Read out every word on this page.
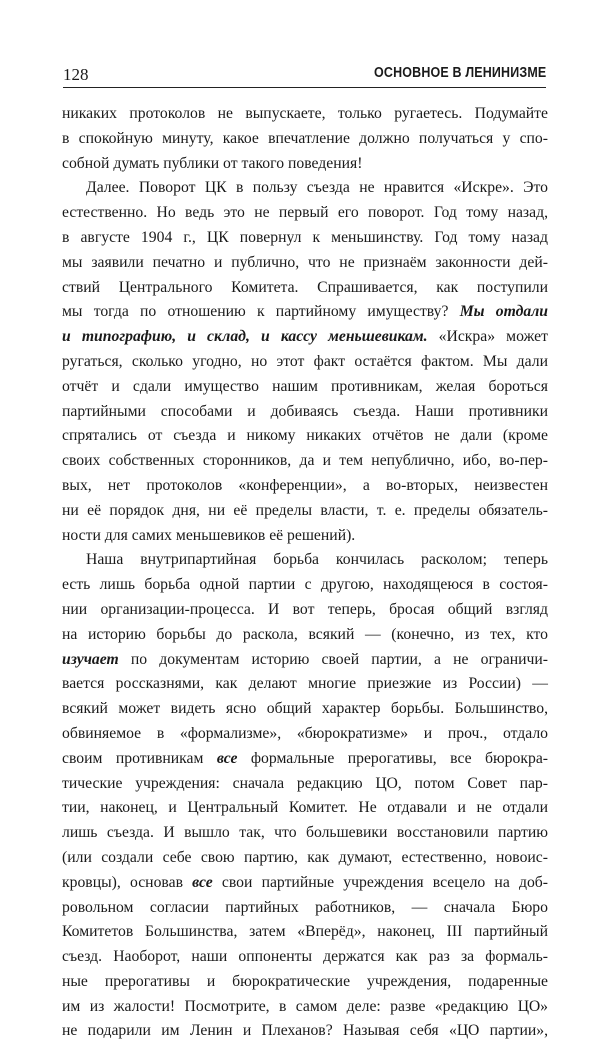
128	ОСНОВНОЕ В ЛЕНИНИЗМЕ
никаких протоколов не выпускаете, только ругаетесь. Подумайте
в спокойную минуту, какое впечатление должно получаться у спо-
собной думать публики от такого поведения!
Далее. Поворот ЦК в пользу съезда не нравится «Искре». Это
естественно. Но ведь это не первый его поворот. Год тому назад,
в августе 1904 г., ЦК повернул к меньшинству. Год тому назад
мы заявили печатно и публично, что не признаём законности дей-
ствий Центрального Комитета. Спрашивается, как поступили
мы тогда по отношению к партийному имуществу? Мы отдали
и типографию, и склад, и кассу меньшевикам. «Искра» может
ругаться, сколько угодно, но этот факт остаётся фактом. Мы дали
отчёт и сдали имущество нашим противникам, желая бороться
партийными способами и добиваясь съезда. Наши противники
спрятались от съезда и никому никаких отчётов не дали (кроме
своих собственных сторонников, да и тем непублично, ибо, во-пер-
вых, нет протоколов «конференции», а во-вторых, неизвестен
ни её порядок дня, ни её пределы власти, т. е. пределы обязатель-
ности для самих меньшевиков её решений).
Наша внутрипартийная борьба кончилась расколом; теперь
есть лишь борьба одной партии с другою, находящеюся в состоя-
нии организации-процесса. И вот теперь, бросая общий взгляд
на историю борьбы до раскола, всякий — (конечно, из тех, кто
изучает по документам историю своей партии, а не ограничи-
вается россказнями, как делают многие приезжие из России) —
всякий может видеть ясно общий характер борьбы. Большинство,
обвиняемое в «формализме», «бюрократизме» и проч., отдало
своим противникам все формальные прерогативы, все бюрокра-
тические учреждения: сначала редакцию ЦО, потом Совет пар-
тии, наконец, и Центральный Комитет. Не отдавали и не отдали
лишь съезда. И вышло так, что большевики восстановили партию
(или создали себе свою партию, как думают, естественно, новоис-
кровцы), основав все свои партийные учреждения всецело на доб-
ровольном согласии партийных работников, — сначала Бюро
Комитетов Большинства, затем «Вперёд», наконец, III партийный
съезд. Наоборот, наши оппоненты держатся как раз за формаль-
ные прерогативы и бюрократические учреждения, подаренные
им из жалости! Посмотрите, в самом деле: разве «редакцию ЦО»
не подарили им Ленин и Плеханов? Называя себя «ЦО партии»,
